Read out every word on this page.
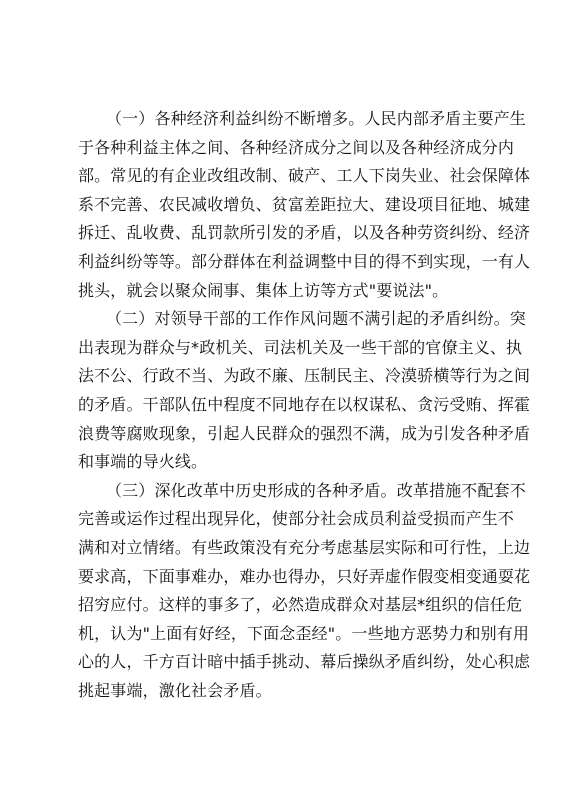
（一）各种经济利益纠纷不断增多。人民内部矛盾主要产生
于各种利益主体之间、各种经济成分之间以及各种经济成分内
部。常见的有企业改组改制、破产、工人下岗失业、社会保障体
系不完善、农民减收增负、贫富差距拉大、建设项目征地、城建
拆迁、乱收费、乱罚款所引发的矛盾，以及各种劳资纠纷、经济
利益纠纷等等。部分群体在利益调整中目的得不到实现，一有人
挑头，就会以聚众闹事、集体上访等方式"要说法"。

（二）对领导干部的工作作风问题不满引起的矛盾纠纷。突
出表现为群众与*政机关、司法机关及一些干部的官僚主义、执
法不公、行政不当、为政不廉、压制民主、冷漠骄横等行为之间
的矛盾。干部队伍中程度不同地存在以权谋私、贪污受贿、挥霍
浪费等腐败现象，引起人民群众的强烈不满，成为引发各种矛盾
和事端的导火线。

（三）深化改革中历史形成的各种矛盾。改革措施不配套不
完善或运作过程出现异化，使部分社会成员利益受损而产生不
满和对立情绪。有些政策没有充分考虑基层实际和可行性，上边
要求高，下面事难办，难办也得办，只好弄虚作假变相变通耍花
招穷应付。这样的事多了，必然造成群众对基层*组织的信任危
机，认为"上面有好经，下面念歪经"。一些地方恶势力和别有用
心的人，千方百计暗中插手挑动、幕后操纵矛盾纠纷，处心积虑
挑起事端，激化社会矛盾。
